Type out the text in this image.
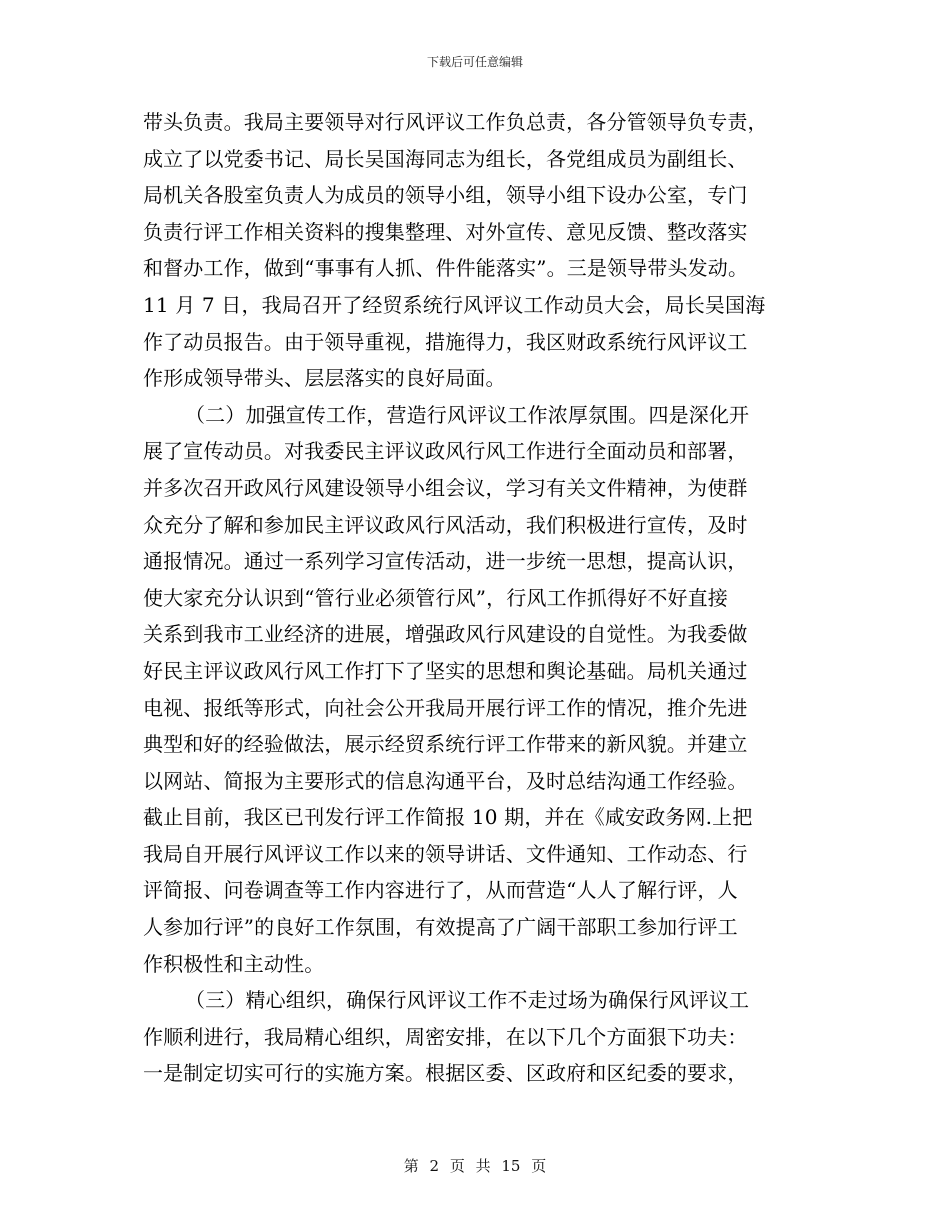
下载后可任意编辑
带头负责。我局主要领导对行风评议工作负总责，各分管领导负专责，
成立了以党委书记、局长吴国海同志为组长，各党组成员为副组长、
局机关各股室负责人为成员的领导小组，领导小组下设办公室，专门
负责行评工作相关资料的搜集整理、对外宣传、意见反馈、整改落实
和督办工作，做到“事事有人抓、件件能落实”。三是领导带头发动。
11 月 7 日，我局召开了经贸系统行风评议工作动员大会，局长吴国海
作了动员报告。由于领导重视，措施得力，我区财政系统行风评议工
作形成领导带头、层层落实的良好局面。
（二）加强宣传工作，营造行风评议工作浓厚氛围。四是深化开
展了宣传动员。对我委民主评议政风行风工作进行全面动员和部署，
并多次召开政风行风建设领导小组会议，学习有关文件精神，为使群
众充分了解和参加民主评议政风行风活动，我们积极进行宣传，及时
通报情况。通过一系列学习宣传活动，进一步统一思想，提高认识，
使大家充分认识到“管行业必须管行风”，行风工作抓得好不好直接
关系到我市工业经济的进展，增强政风行风建设的自觉性。为我委做
好民主评议政风行风工作打下了坚实的思想和舆论基础。局机关通过
电视、报纸等形式，向社会公开我局开展行评工作的情况，推介先进
典型和好的经验做法，展示经贸系统行评工作带来的新风貌。并建立
以网站、简报为主要形式的信息沟通平台，及时总结沟通工作经验。
截止目前，我区已刊发行评工作简报 10 期，并在《咸安政务网.上把
我局自开展行风评议工作以来的领导讲话、文件通知、工作动态、行
评简报、问卷调查等工作内容进行了，从而营造“人人了解行评，人
人参加行评”的良好工作氛围，有效提高了广阔干部职工参加行评工
作积极性和主动性。
（三）精心组织，确保行风评议工作不走过场为确保行风评议工
作顺利进行，我局精心组织，周密安排，在以下几个方面狠下功夫：
一是制定切实可行的实施方案。根据区委、区政府和区纪委的要求，
第 2 页 共 15 页
